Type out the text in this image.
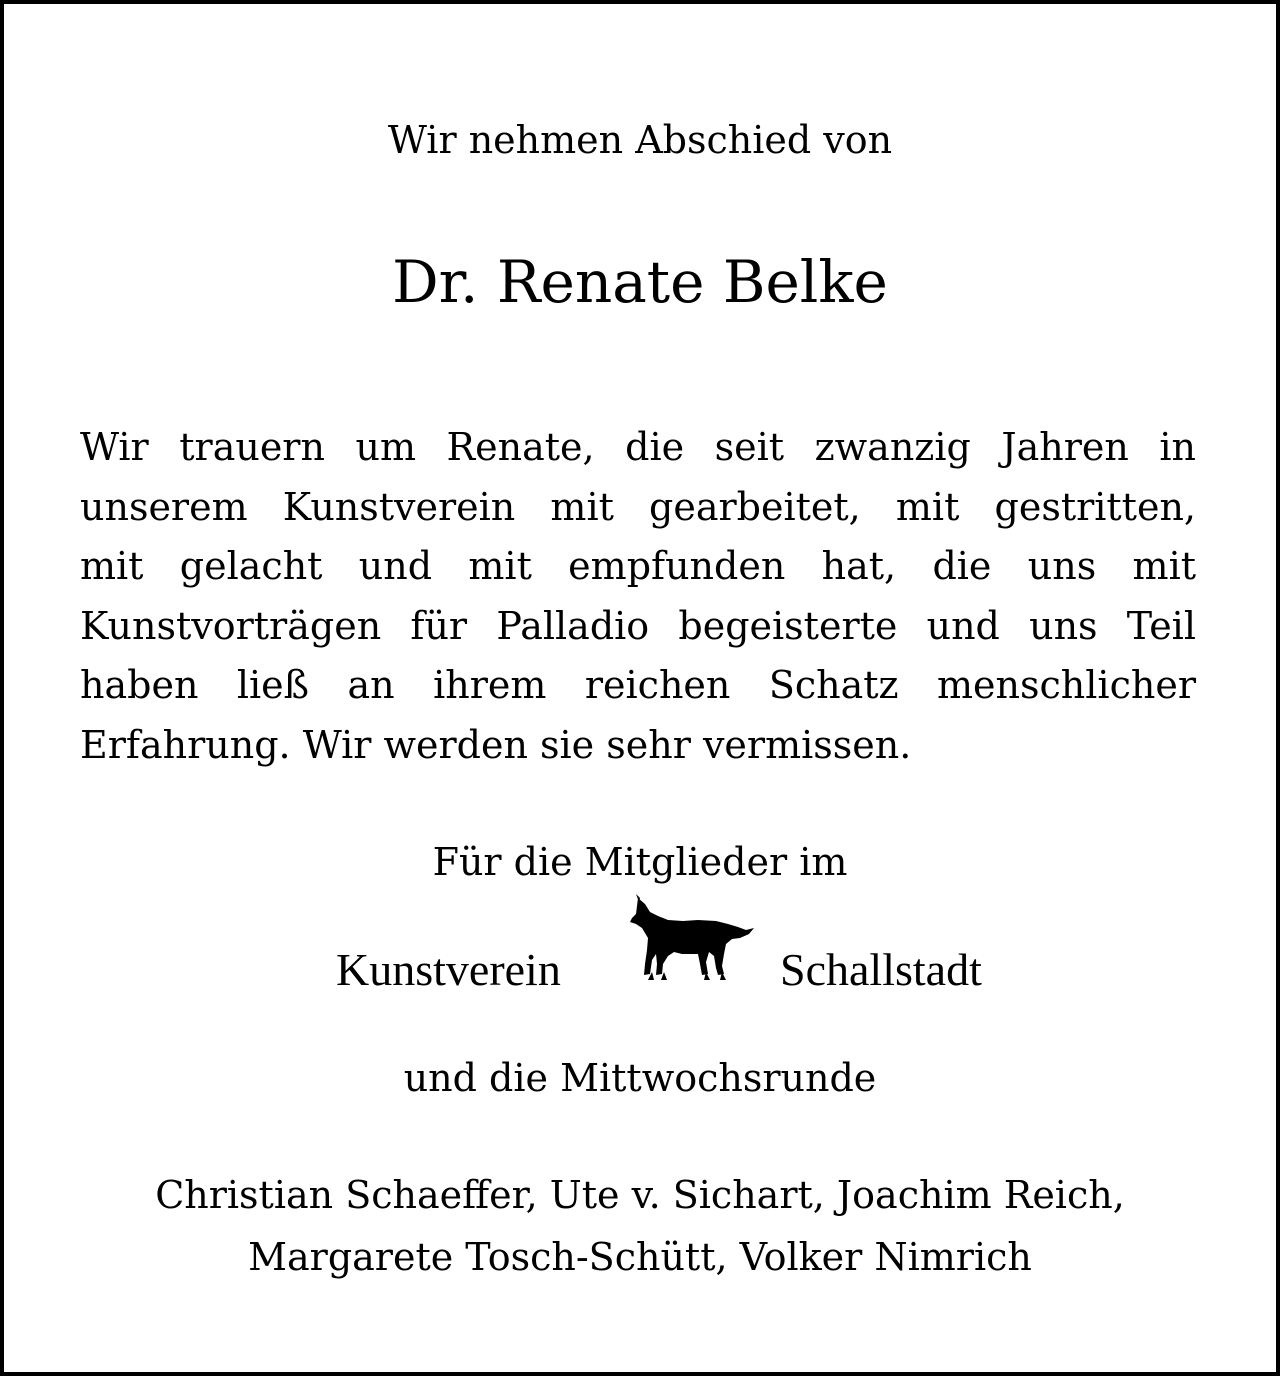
Wir nehmen Abschied von
Dr. Renate Belke
Wir trauern um Renate, die seit zwanzig Jahren in
unserem Kunstverein mit gearbeitet, mit gestritten,
mit gelacht und mit empfunden hat, die uns mit
Kunstvorträgen für Palladio begeisterte und uns Teil
haben ließ an ihrem reichen Schatz menschlicher
Erfahrung. Wir werden sie sehr vermissen.
Für die Mitglieder im
Kunstverein	Schallstadt
und die Mittwochsrunde
Christian Schaeffer, Ute v. Sichart, Joachim Reich,
Margarete Tosch-Schütt, Volker Nimrich
